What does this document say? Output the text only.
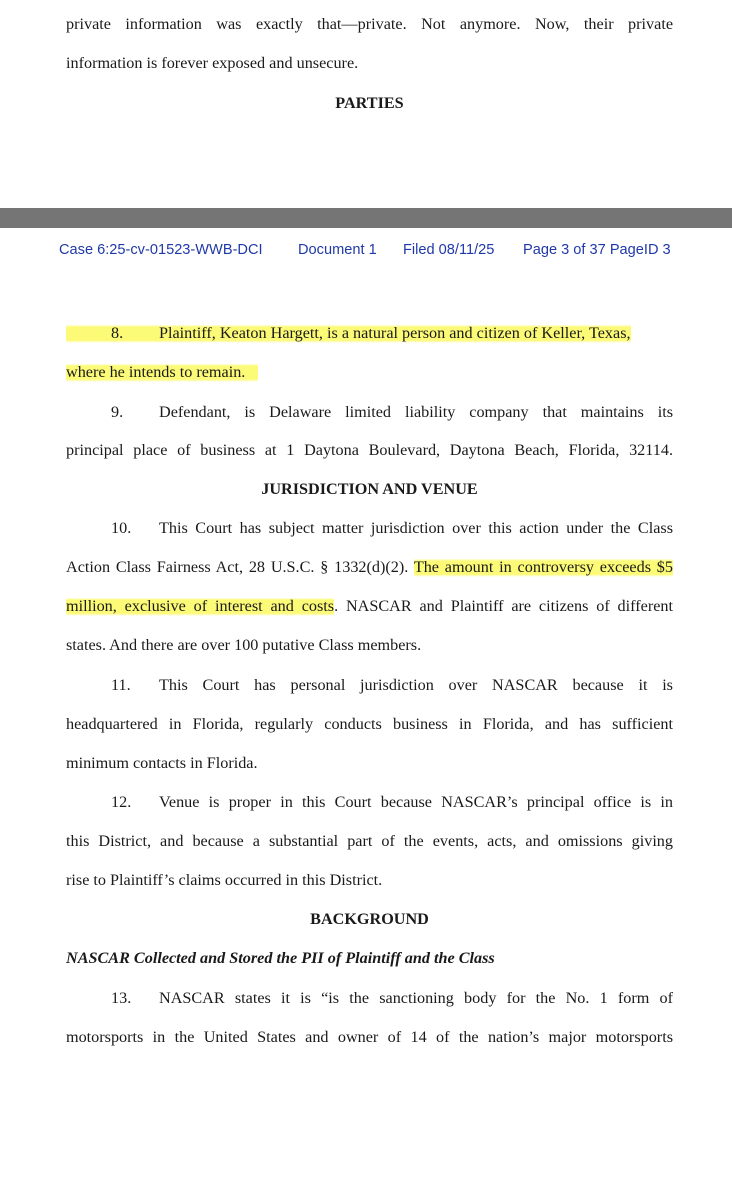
private information was exactly that—private. Not anymore. Now, their private
information is forever exposed and unsecure.
PARTIES
Case 6:25-cv-01523-WWB-DCI Document 1 Filed 08/11/25 Page 3 of 37 PageID 3
8. Plaintiff, Keaton Hargett, is a natural person and citizen of Keller, Texas,
where he intends to remain.
9. Defendant, is Delaware limited liability company that maintains its
principal place of business at 1 Daytona Boulevard, Daytona Beach, Florida, 32114.
JURISDICTION AND VENUE
10. This Court has subject matter jurisdiction over this action under the Class
Action Class Fairness Act, 28 U.S.C. § 1332(d)(2). The amount in controversy exceeds $5
million, exclusive of interest and costs. NASCAR and Plaintiff are citizens of different
states. And there are over 100 putative Class members.
11. This Court has personal jurisdiction over NASCAR because it is
headquartered in Florida, regularly conducts business in Florida, and has sufficient
minimum contacts in Florida.
12. Venue is proper in this Court because NASCAR’s principal office is in
this District, and because a substantial part of the events, acts, and omissions giving
rise to Plaintiff’s claims occurred in this District.
BACKGROUND
NASCAR Collected and Stored the PII of Plaintiff and the Class
13. NASCAR states it is “is the sanctioning body for the No. 1 form of
motorsports in the United States and owner of 14 of the nation’s major motorsports
